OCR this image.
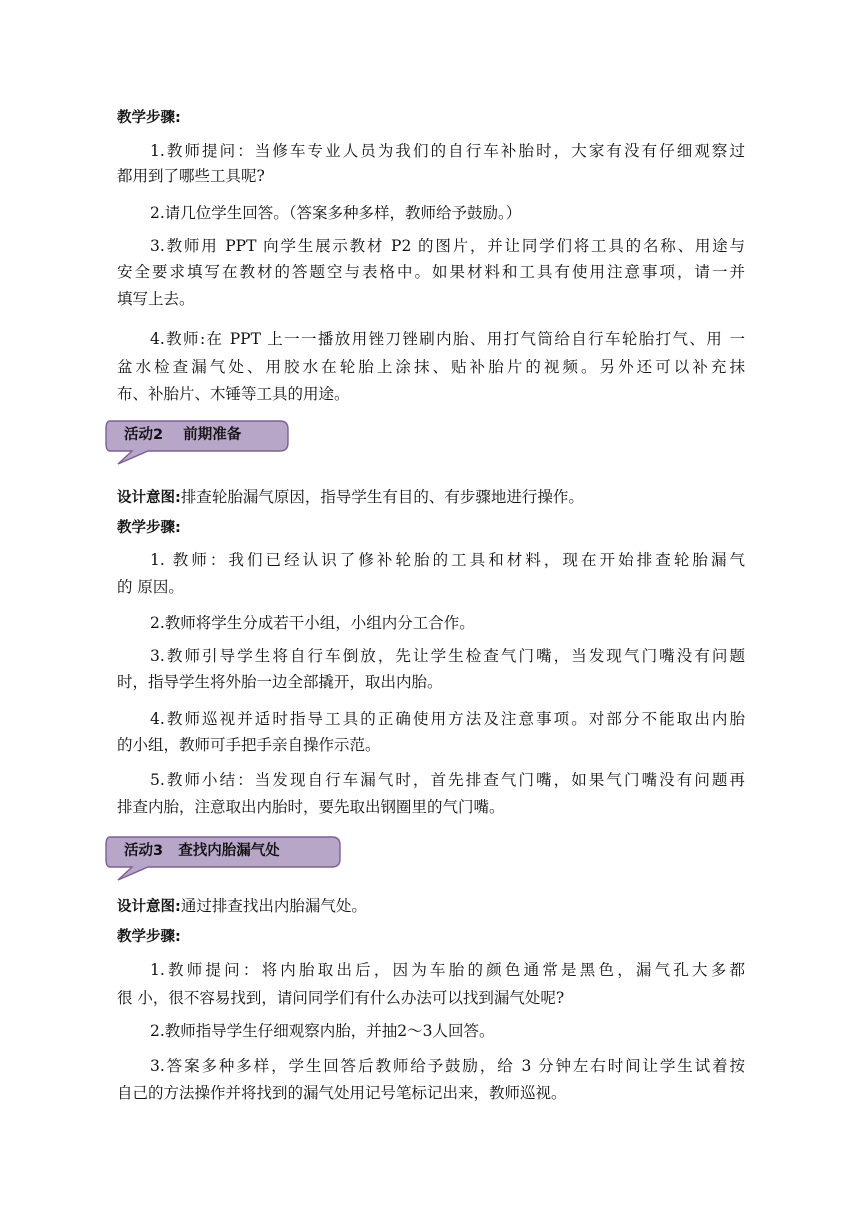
教学步骤:
1.教师提问：当修车专业人员为我们的自行车补胎时，大家有没有仔细观察过
都用到了哪些工具呢?
2.请几位学生回答。（答案多种多样，教师给予鼓励。）
3.教师用 PPT 向学生展示教材 P2 的图片，并让同学们将工具的名称、用途与
安全要求填写在教材的答题空与表格中。如果材料和工具有使用注意事项，请一并
填写上去。
4.教师:在 PPT 上一一播放用锉刀锉刷内胎、用打气筒给自行车轮胎打气、用 一
盆水检查漏气处、用胶水在轮胎上涂抹、贴补胎片的视频。另外还可以补充抹
布、补胎片、木锤等工具的用途。
活动2    前期准备
设计意图:排查轮胎漏气原因，指导学生有目的、有步骤地进行操作。
教学步骤:
1. 教师：我们已经认识了修补轮胎的工具和材料，现在开始排查轮胎漏气
的 原因。
2.教师将学生分成若干小组，小组内分工合作。
3.教师引导学生将自行车倒放，先让学生检查气门嘴，当发现气门嘴没有问题
时，指导学生将外胎一边全部撬开，取出内胎。
4.教师巡视并适时指导工具的正确使用方法及注意事项。对部分不能取出内胎
的小组，教师可手把手亲自操作示范。
5.教师小结：当发现自行车漏气时，首先排查气门嘴，如果气门嘴没有问题再
排查内胎，注意取出内胎时，要先取出钢圈里的气门嘴。
活动3   查找内胎漏气处
设计意图:通过排查找出内胎漏气处。
教学步骤:
1.教师提问：将内胎取出后，因为车胎的颜色通常是黑色，漏气孔大多都
很 小，很不容易找到，请问同学们有什么办法可以找到漏气处呢?
2.教师指导学生仔细观察内胎，并抽2～3人回答。
3.答案多种多样，学生回答后教师给予鼓励，给 3 分钟左右时间让学生试着按
自己的方法操作并将找到的漏气处用记号笔标记出来，教师巡视。
